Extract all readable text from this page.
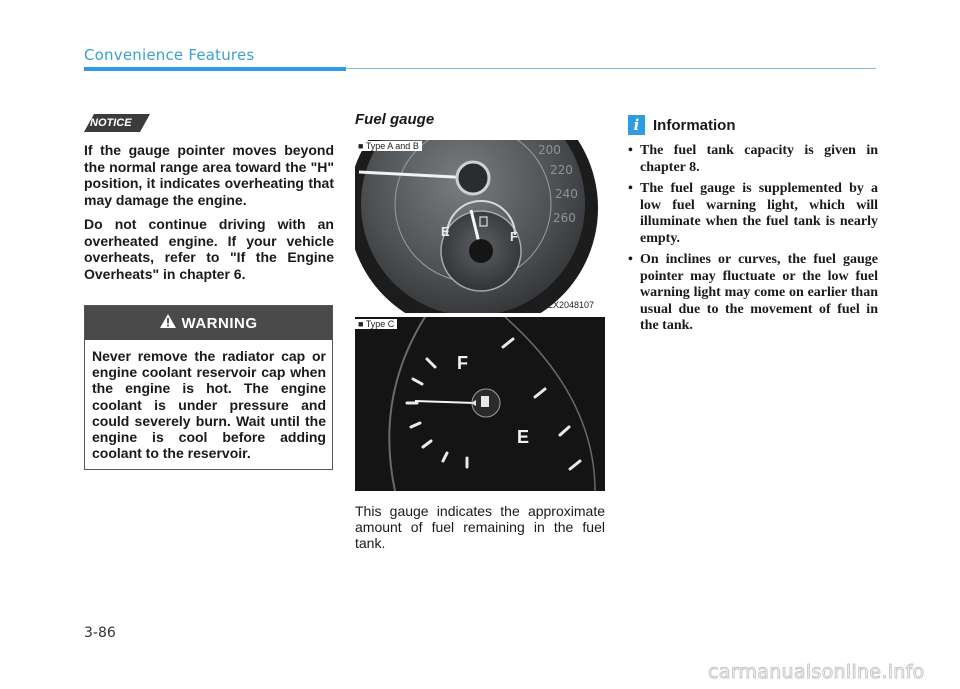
Convenience Features
NOTICE

If the gauge pointer moves beyond the normal range area toward the "H" position, it indicates overheating that may damage the engine.

Do not continue driving with an overheated engine. If your vehicle overheats, refer to "If the Engine Overheats" in chapter 6.

WARNING
Never remove the radiator cap or engine coolant reservoir cap when the engine is hot. The engine coolant is under pressure and could severely burn. Wait until the engine is cool before adding coolant to the reservoir.
Fuel gauge
200
220
240
260
E	F
■ Type A and B
OLX2048107
F
E
■ Type C
This gauge indicates the approximate amount of fuel remaining in the fuel tank.
i Information
• The fuel tank capacity is given in chapter 8.
• The fuel gauge is supplemented by a low fuel warning light, which will illuminate when the fuel tank is nearly empty.
• On inclines or curves, the fuel gauge pointer may fluctuate or the low fuel warning light may come on earlier than usual due to the movement of fuel in the tank.
3-86
carmanualsonline.info
